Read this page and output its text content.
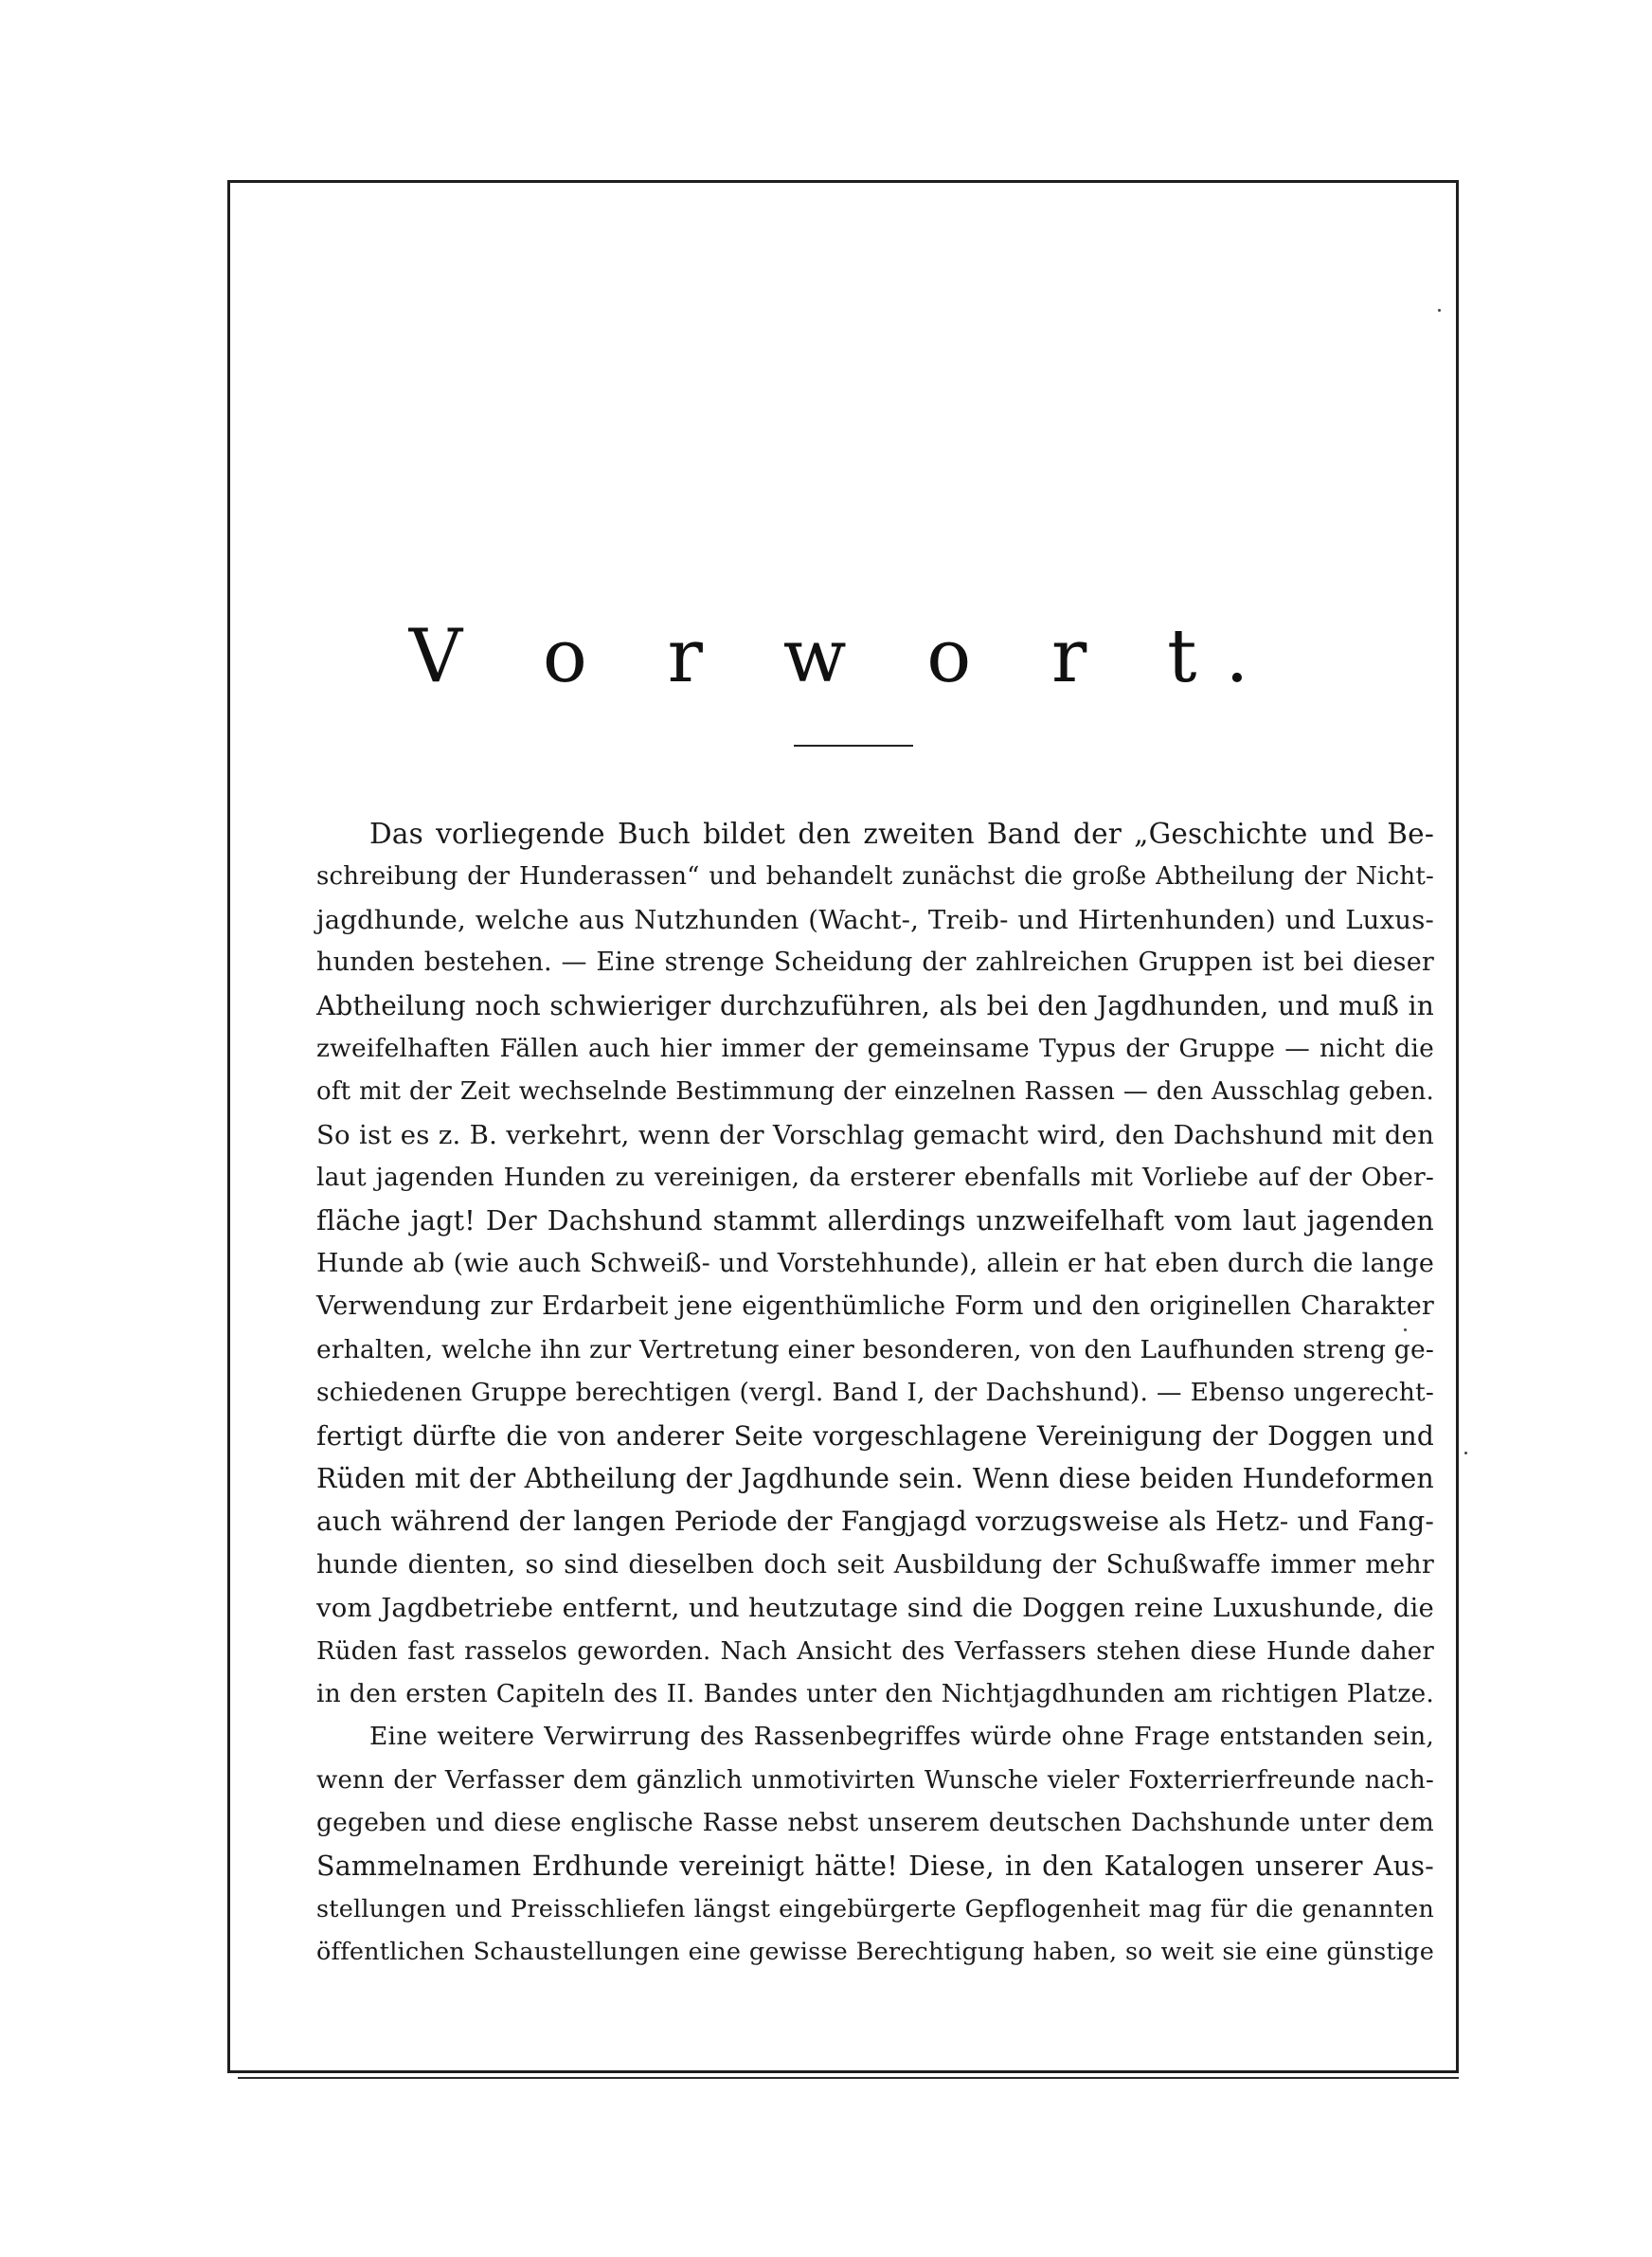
V o r w o r t.
Das vorliegende Buch bildet den zweiten Band der „Geschichte und Be-
schreibung der Hunderassen“ und behandelt zunächst die große Abtheilung der Nicht-
jagdhunde, welche aus Nutzhunden (Wacht-, Treib- und Hirtenhunden) und Luxus-
hunden bestehen. — Eine strenge Scheidung der zahlreichen Gruppen ist bei dieser
Abtheilung noch schwieriger durchzuführen, als bei den Jagdhunden, und muß in
zweifelhaften Fällen auch hier immer der gemeinsame Typus der Gruppe — nicht die
oft mit der Zeit wechselnde Bestimmung der einzelnen Rassen — den Ausschlag geben.
So ist es z. B. verkehrt, wenn der Vorschlag gemacht wird, den Dachshund mit den
laut jagenden Hunden zu vereinigen, da ersterer ebenfalls mit Vorliebe auf der Ober-
fläche jagt! Der Dachshund stammt allerdings unzweifelhaft vom laut jagenden
Hunde ab (wie auch Schweiß- und Vorstehhunde), allein er hat eben durch die lange
Verwendung zur Erdarbeit jene eigenthümliche Form und den originellen Charakter
erhalten, welche ihn zur Vertretung einer besonderen, von den Laufhunden streng ge-
schiedenen Gruppe berechtigen (vergl. Band I, der Dachshund). — Ebenso ungerecht-
fertigt dürfte die von anderer Seite vorgeschlagene Vereinigung der Doggen und
Rüden mit der Abtheilung der Jagdhunde sein. Wenn diese beiden Hundeformen
auch während der langen Periode der Fangjagd vorzugsweise als Hetz- und Fang-
hunde dienten, so sind dieselben doch seit Ausbildung der Schußwaffe immer mehr
vom Jagdbetriebe entfernt, und heutzutage sind die Doggen reine Luxushunde, die
Rüden fast rasselos geworden. Nach Ansicht des Verfassers stehen diese Hunde daher
in den ersten Capiteln des II. Bandes unter den Nichtjagdhunden am richtigen Platze.
Eine weitere Verwirrung des Rassenbegriffes würde ohne Frage entstanden sein,
wenn der Verfasser dem gänzlich unmotivirten Wunsche vieler Foxterrierfreunde nach-
gegeben und diese englische Rasse nebst unserem deutschen Dachshunde unter dem
Sammelnamen Erdhunde vereinigt hätte! Diese, in den Katalogen unserer Aus-
stellungen und Preisschliefen längst eingebürgerte Gepflogenheit mag für die genannten
öffentlichen Schaustellungen eine gewisse Berechtigung haben, so weit sie eine günstige
